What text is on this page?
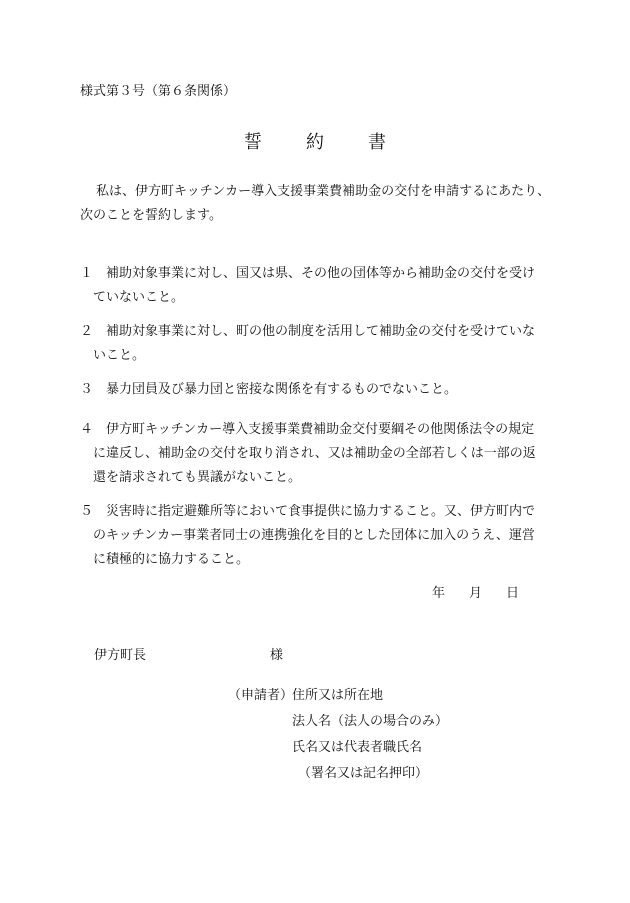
様式第３号（第６条関係）
誓 約 書
私は、伊方町キッチンカー導入支援事業費補助金の交付を申請するにあたり、
次のことを誓約します。
１ 補助対象事業に対し、国又は県、その他の団体等から補助金の交付を受け
ていないこと。
２ 補助対象事業に対し、町の他の制度を活用して補助金の交付を受けていな
いこと。
３ 暴力団員及び暴力団と密接な関係を有するものでないこと。
４ 伊方町キッチンカー導入支援事業費補助金交付要綱その他関係法令の規定
に違反し、補助金の交付を取り消され、又は補助金の全部若しくは一部の返
還を請求されても異議がないこと。
５ 災害時に指定避難所等において食事提供に協力すること。又、伊方町内で
のキッチンカー事業者同士の連携強化を目的とした団体に加入のうえ、運営
に積極的に協力すること。
年 月 日
伊方町長	様
（申請者）
住所又は所在地
法人名（法人の場合のみ）
氏名又は代表者職氏名
（署名又は記名押印）
